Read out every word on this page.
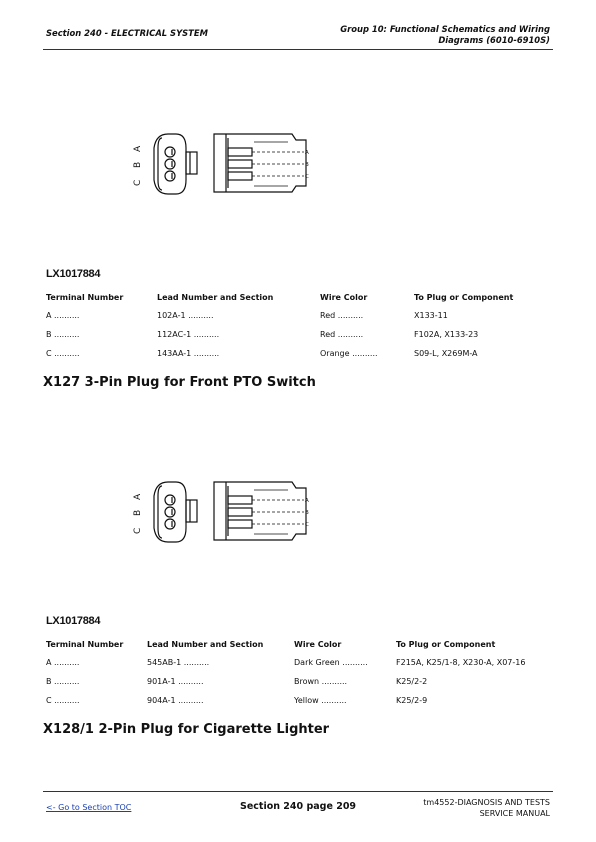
Section 240 - ELECTRICAL SYSTEM	Group 10: Functional Schematics and Wiring
Diagrams (6010-6910S)
C
B
A
A
B
C
LX1017884
Terminal Number	Lead Number and Section	Wire Color	To Plug or Component
A ..........	102A-1 ..........	Red ..........	X133-11
B ..........	112AC-1 ..........	Red ..........	F102A, X133-23
C ..........	143AA-1 ..........	Orange ..........	S09-L, X269M-A
X127 3-Pin Plug for Front PTO Switch
C
B
A
A
B
C
LX1017884
Terminal Number	Lead Number and Section	Wire Color	To Plug or Component
A ..........	545AB-1 ..........	Dark Green ..........	F215A, K25/1-8, X230-A, X07-16
B ..........	901A-1 ..........	Brown ..........	K25/2-2
C ..........	904A-1 ..........	Yellow ..........	K25/2-9
X128/1 2-Pin Plug for Cigarette Lighter
<- Go to Section TOC	Section 240 page 209	tm4552-DIAGNOSIS AND TESTS
SERVICE MANUAL
